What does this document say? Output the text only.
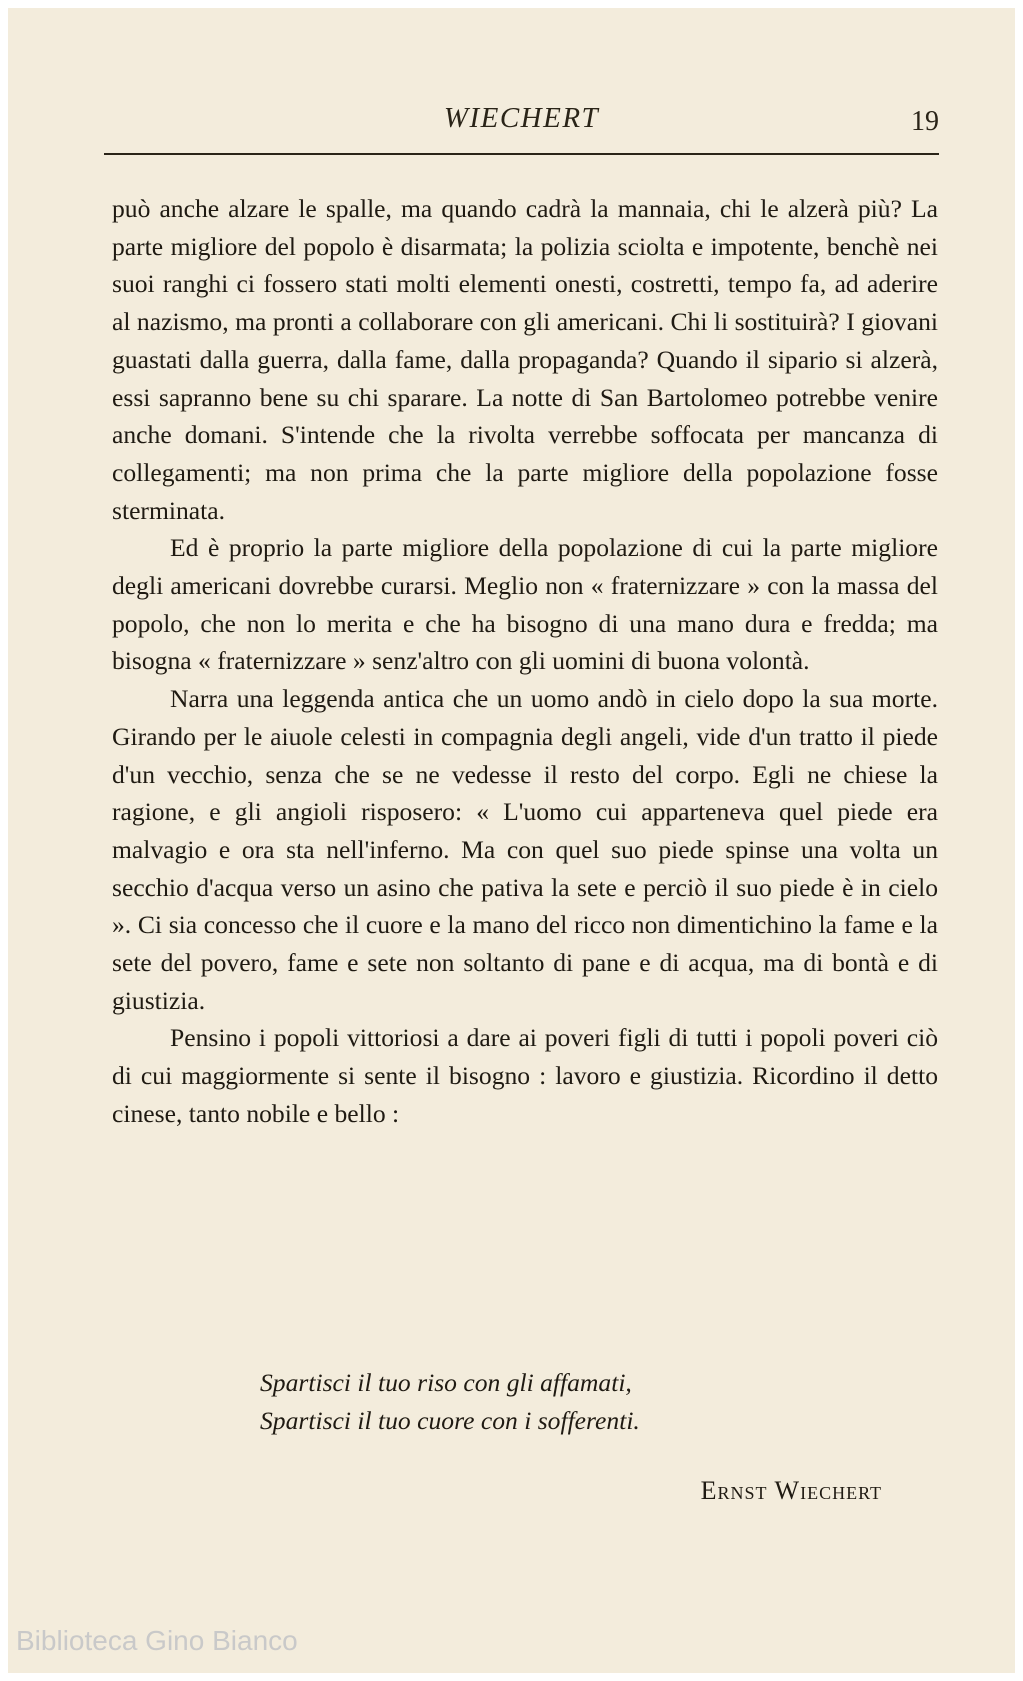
WIECHERT	19

può anche alzare le spalle, ma quando cadrà la mannaia, chi le alzerà più? La parte migliore del popolo è disarmata; la polizia sciolta e impotente, benchè nei suoi ranghi ci fossero stati molti elementi onesti, costretti, tempo fa, ad aderire al nazismo, ma pronti a collaborare con gli americani. Chi li sostituirà? I giovani guastati dalla guerra, dalla fame, dalla propaganda? Quando il sipario si alzerà, essi sapranno bene su chi sparare. La notte di San Bartolomeo potrebbe venire anche domani. S'intende che la rivolta verrebbe soffocata per mancanza di collegamenti; ma non prima che la parte migliore della popolazione fosse sterminata.

Ed è proprio la parte migliore della popolazione di cui la parte migliore degli americani dovrebbe curarsi. Meglio non « fraternizzare » con la massa del popolo, che non lo merita e che ha bisogno di una mano dura e fredda; ma bisogna « fraternizzare » senz'altro con gli uomini di buona volontà.

Narra una leggenda antica che un uomo andò in cielo dopo la sua morte. Girando per le aiuole celesti in compagnia degli angeli, vide d'un tratto il piede d'un vecchio, senza che se ne vedesse il resto del corpo. Egli ne chiese la ragione, e gli angioli risposero: « L'uomo cui apparteneva quel piede era malvagio e ora sta nell'inferno. Ma con quel suo piede spinse una volta un secchio d'acqua verso un asino che pativa la sete e perciò il suo piede è in cielo ». Ci sia concesso che il cuore e la mano del ricco non dimentichino la fame e la sete del povero, fame e sete non soltanto di pane e di acqua, ma di bontà e di giustizia.

Pensino i popoli vittoriosi a dare ai poveri figli di tutti i popoli poveri ciò di cui maggiormente si sente il bisogno : lavoro e giustizia. Ricordino il detto cinese, tanto nobile e bello :

Spartisci il tuo riso con gli affamati,
Spartisci il tuo cuore con i sofferenti.
Ernst Wiechert
Biblioteca Gino Bianco
